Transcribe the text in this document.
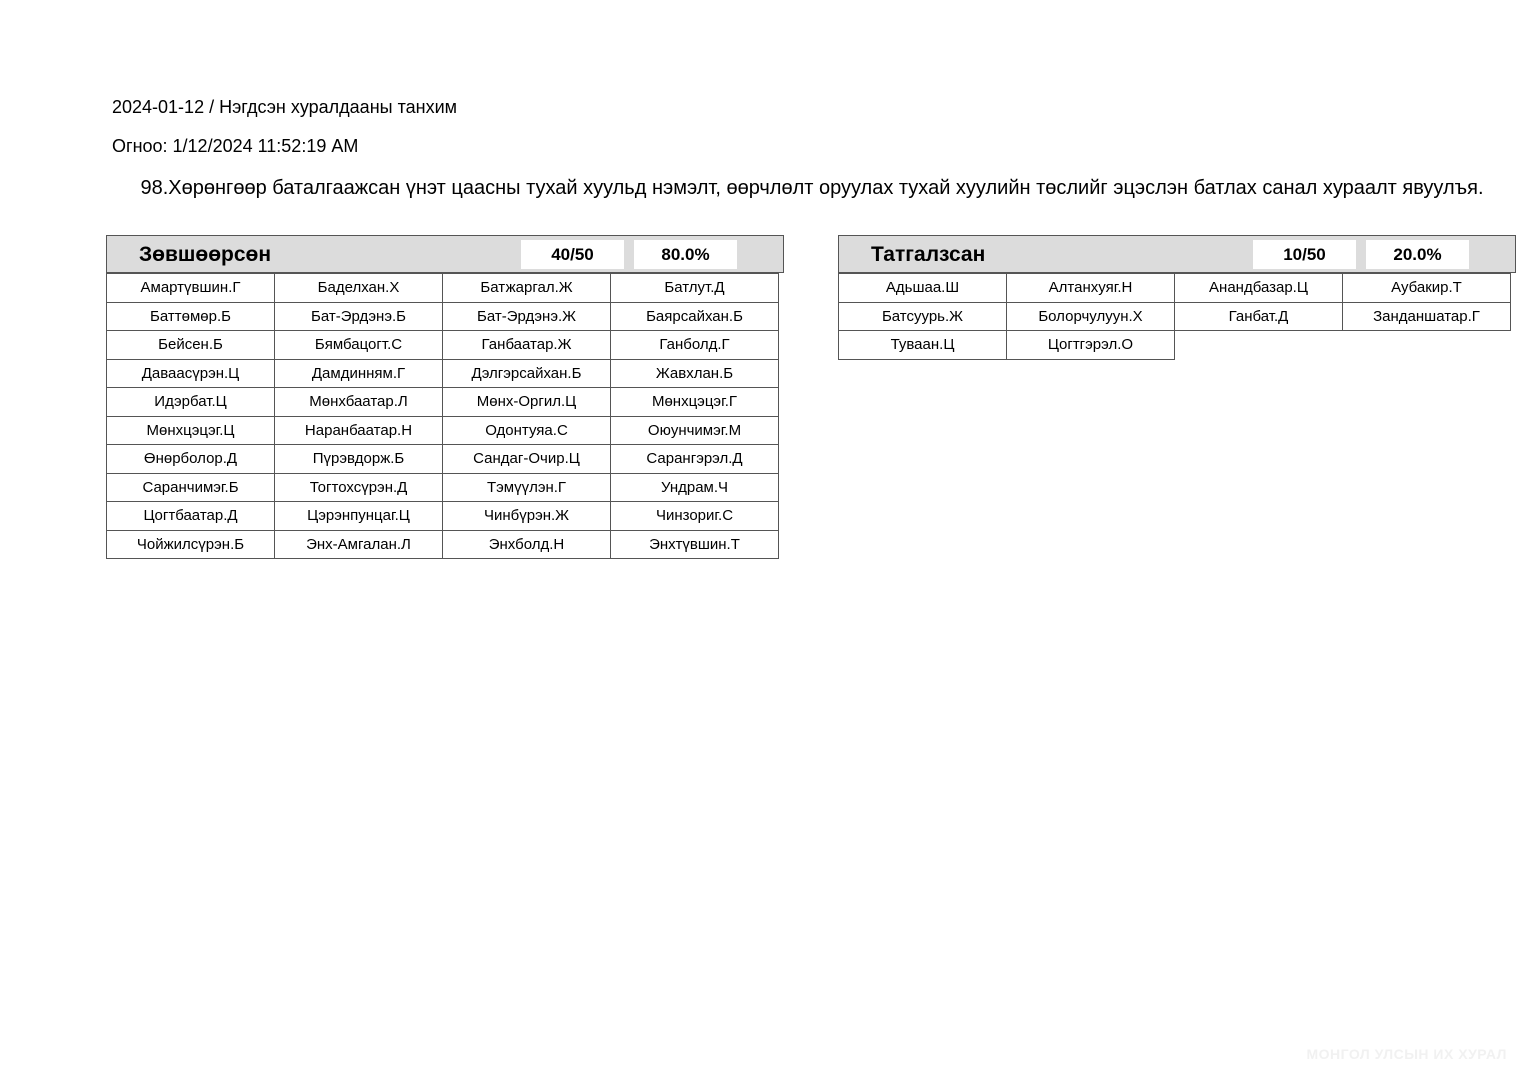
2024-01-12 / Нэгдсэн хуралдааны танхим
Огноо: 1/12/2024 11:52:19 AM
98.Хөрөнгөөр баталгаажсан үнэт цаасны тухай хуульд нэмэлт, өөрчлөлт оруулах тухай хуулийн төслийг эцэслэн батлах санал хураалт явуулъя.
Зөвшөөрсөн	40/50	80.0%
Амартүвшин.Г	Баделхан.Х	Батжаргал.Ж	Батлут.Д
Баттөмөр.Б	Бат-Эрдэнэ.Б	Бат-Эрдэнэ.Ж	Баярсайхан.Б
Бейсен.Б	Бямбацогт.С	Ганбаатар.Ж	Ганболд.Г
Даваасүрэн.Ц	Дамдинням.Г	Дэлгэрсайхан.Б	Жавхлан.Б
Идэрбат.Ц	Мөнхбаатар.Л	Мөнх-Оргил.Ц	Мөнхцэцэг.Г
Мөнхцэцэг.Ц	Наранбаатар.Н	Одонтуяа.С	Оюунчимэг.М
Өнөрболор.Д	Пүрэвдорж.Б	Сандаг-Очир.Ц	Сарангэрэл.Д
Саранчимэг.Б	Тогтохсүрэн.Д	Тэмүүлэн.Г	Ундрам.Ч
Цогтбаатар.Д	Цэрэнпунцаг.Ц	Чинбүрэн.Ж	Чинзориг.С
Чойжилсүрэн.Б	Энх-Амгалан.Л	Энхболд.Н	Энхтүвшин.Т
Татгалзсан	10/50	20.0%
Адьшаа.Ш	Алтанхуяг.Н	Анандбазар.Ц	Аубакир.Т
Батсуурь.Ж	Болорчулуун.Х	Ганбат.Д	Занданшатар.Г
Туваан.Ц	Цогтгэрэл.О		
МОНГОЛ УЛСЫН ИХ ХУРАЛ
